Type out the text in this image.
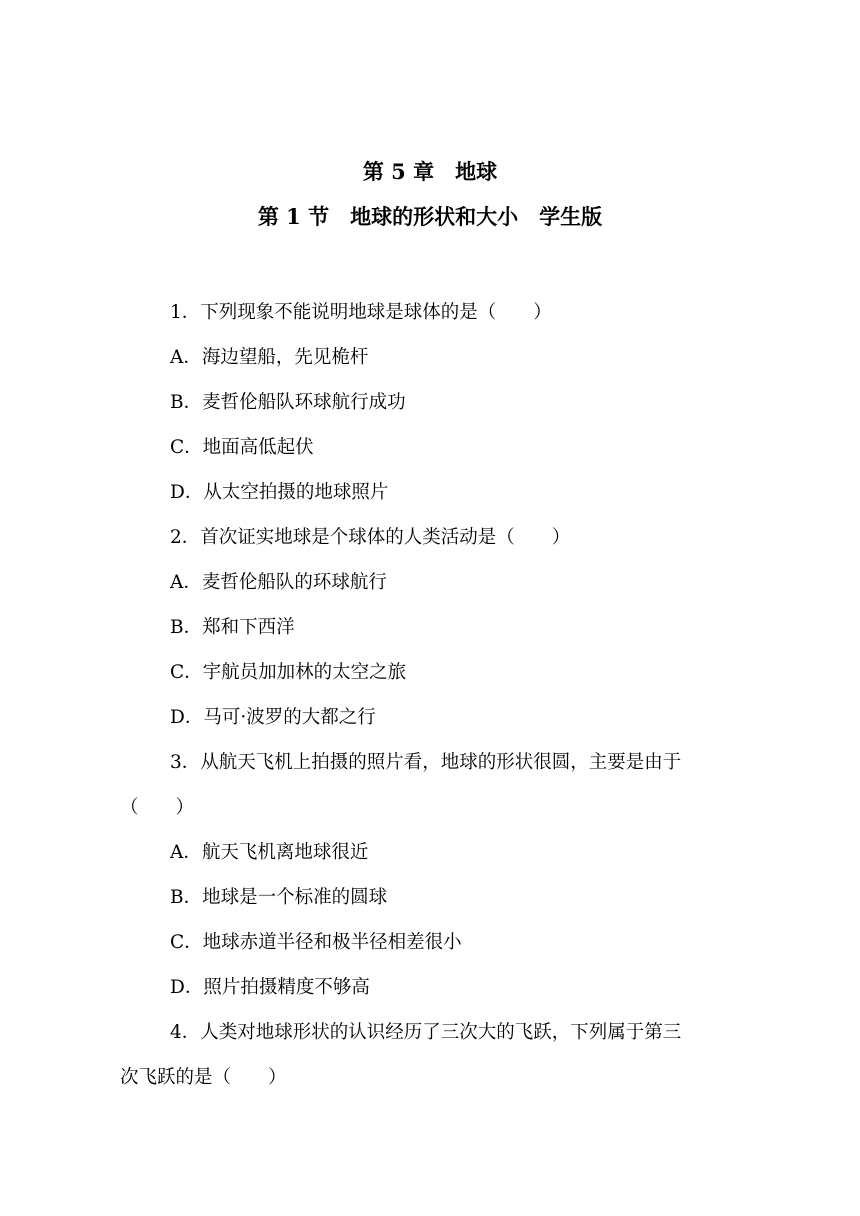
第 5 章　地球
第 1 节　地球的形状和大小　学生版
1．下列现象不能说明地球是球体的是（　　）
A．海边望船，先见桅杆
B．麦哲伦船队环球航行成功
C．地面高低起伏
D．从太空拍摄的地球照片
2．首次证实地球是个球体的人类活动是（　　）
A．麦哲伦船队的环球航行
B．郑和下西洋
C．宇航员加加林的太空之旅
D．马可·波罗的大都之行
3．从航天飞机上拍摄的照片看，地球的形状很圆，主要是由于
（　　）
A．航天飞机离地球很近
B．地球是一个标准的圆球
C．地球赤道半径和极半径相差很小
D．照片拍摄精度不够高
4．人类对地球形状的认识经历了三次大的飞跃，下列属于第三
次飞跃的是（　　）
